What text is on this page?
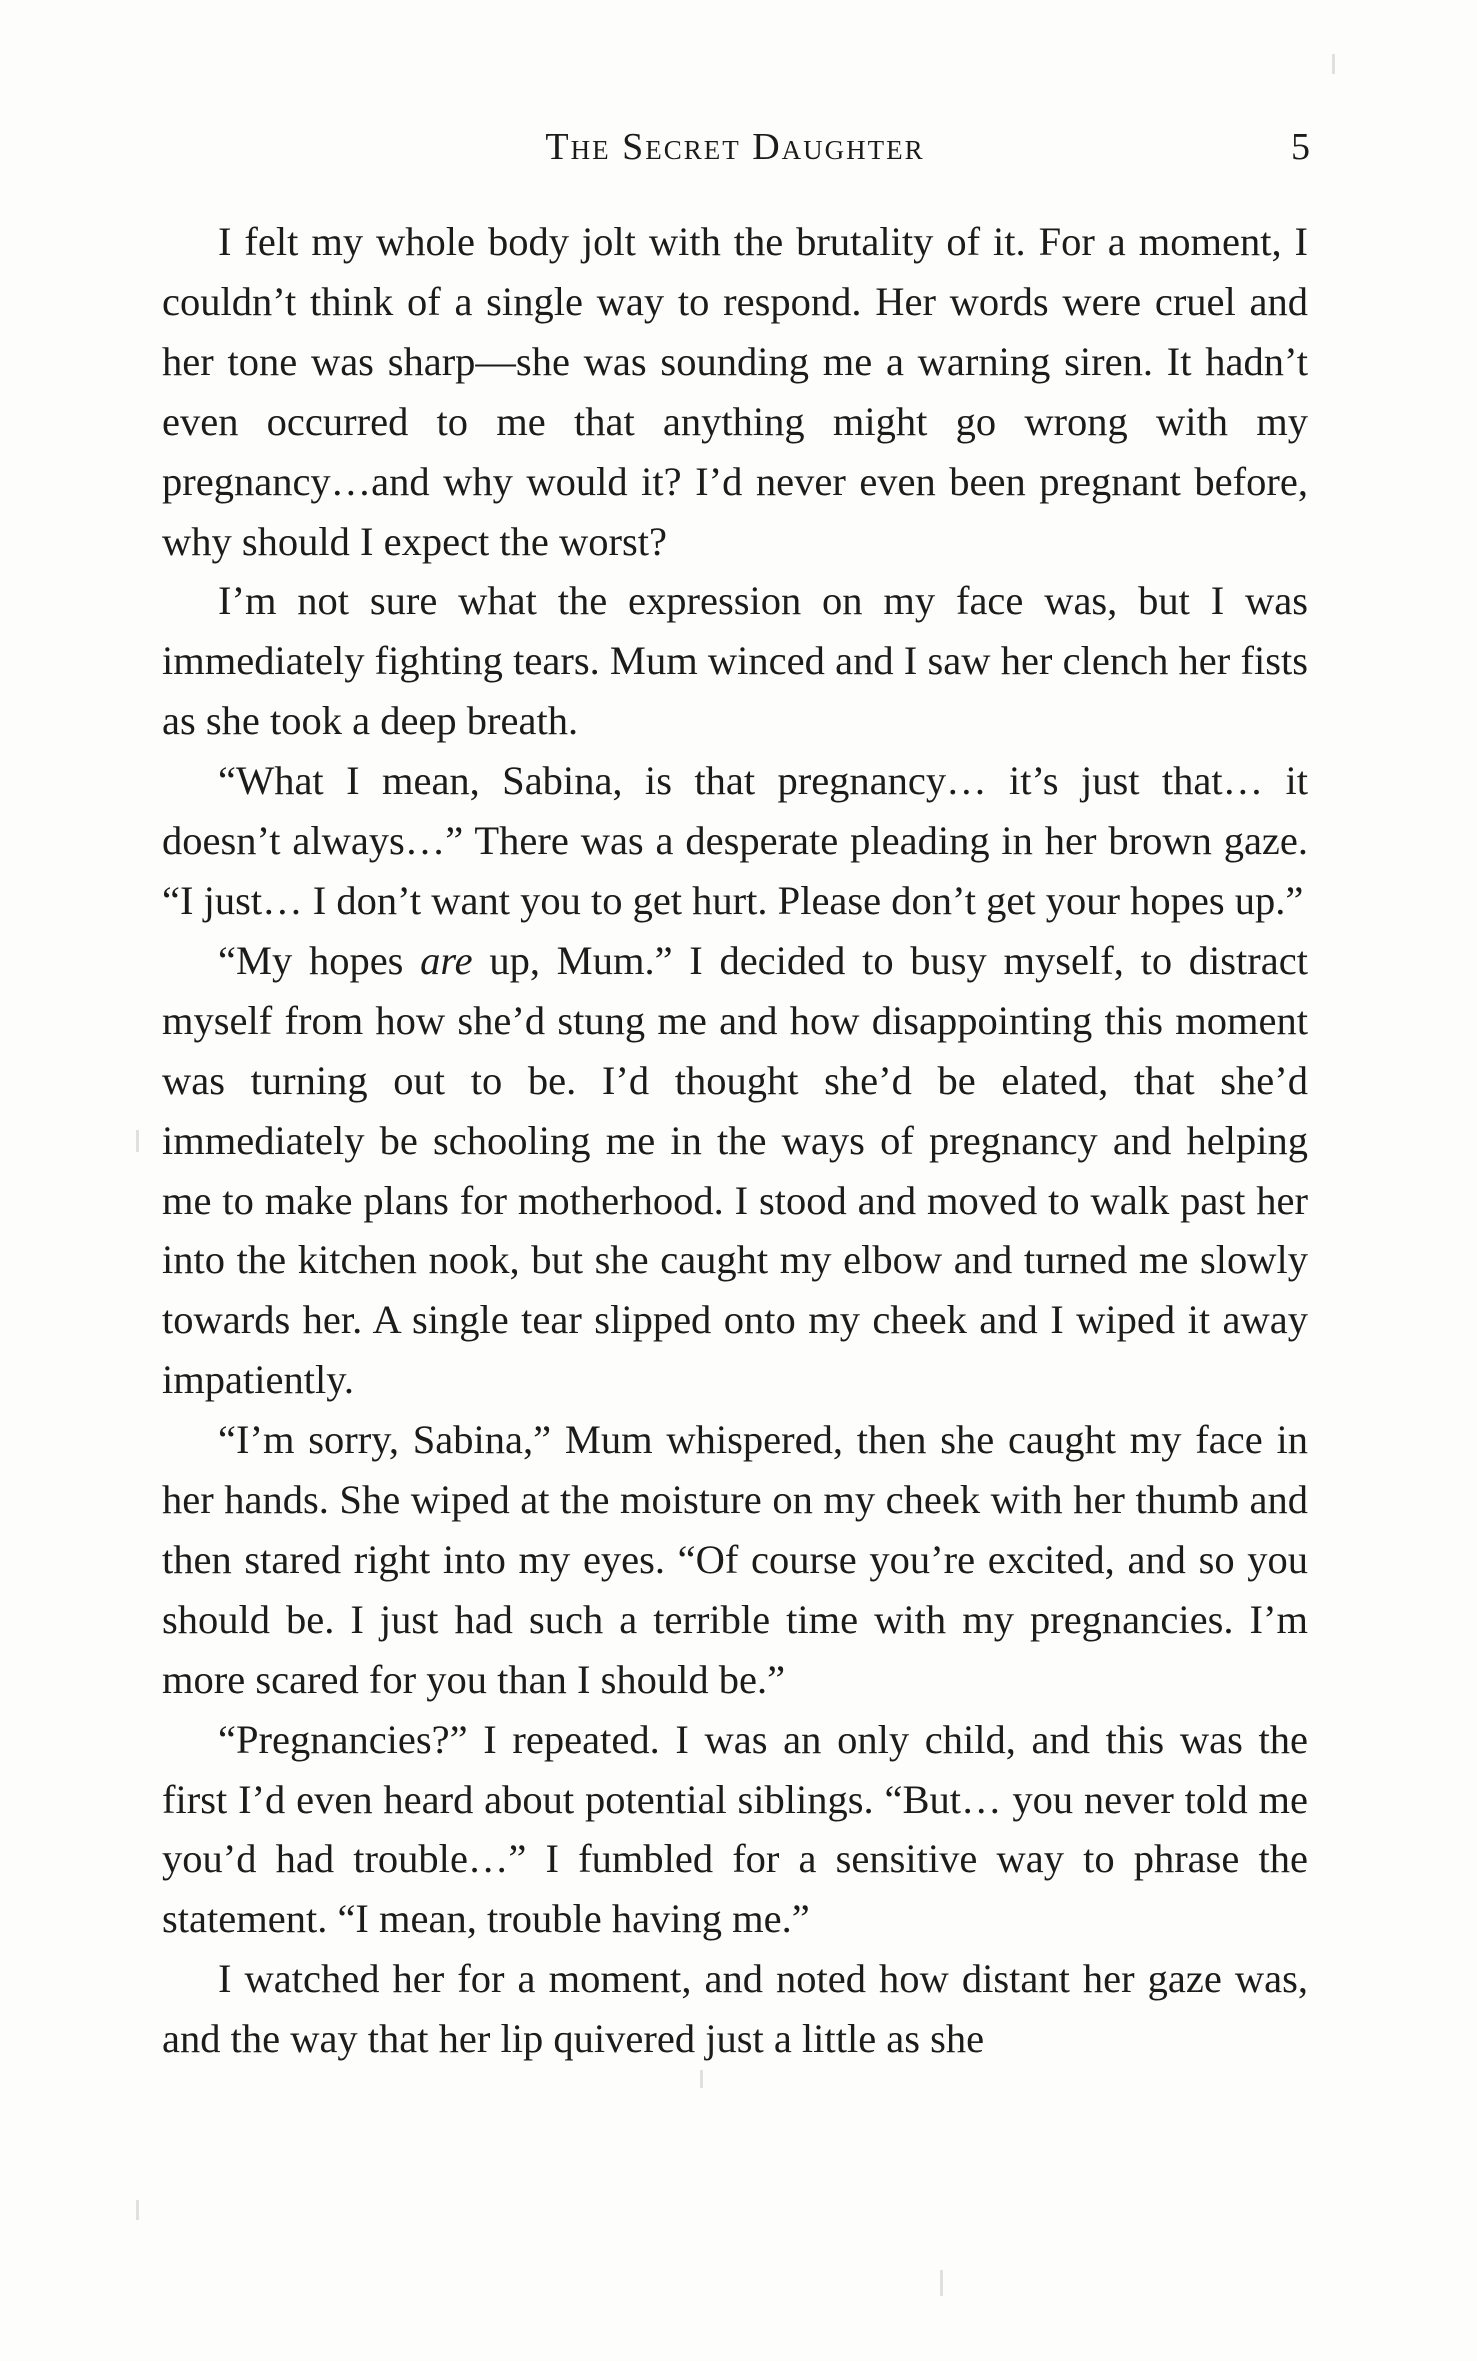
The Secret Daughter	5

I felt my whole body jolt with the brutality of it. For a moment, I couldn’t think of a single way to respond. Her words were cruel and her tone was sharp—she was sounding me a warning siren. It hadn’t even occurred to me that anything might go wrong with my pregnancy…and why would it? I’d never even been pregnant before, why should I expect the worst?

I’m not sure what the expression on my face was, but I was immediately fighting tears. Mum winced and I saw her clench her fists as she took a deep breath.

“What I mean, Sabina, is that pregnancy… it’s just that… it doesn’t always…” There was a desperate pleading in her brown gaze. “I just… I don’t want you to get hurt. Please don’t get your hopes up.”

“My hopes are up, Mum.” I decided to busy myself, to distract myself from how she’d stung me and how disappointing this moment was turning out to be. I’d thought she’d be elated, that she’d immediately be schooling me in the ways of pregnancy and helping me to make plans for motherhood. I stood and moved to walk past her into the kitchen nook, but she caught my elbow and turned me slowly towards her. A single tear slipped onto my cheek and I wiped it away impatiently.

“I’m sorry, Sabina,” Mum whispered, then she caught my face in her hands. She wiped at the moisture on my cheek with her thumb and then stared right into my eyes. “Of course you’re excited, and so you should be. I just had such a terrible time with my pregnancies. I’m more scared for you than I should be.”

“Pregnancies?” I repeated. I was an only child, and this was the first I’d even heard about potential siblings. “But… you never told me you’d had trouble…” I fumbled for a sensitive way to phrase the statement. “I mean, trouble having me.”

I watched her for a moment, and noted how distant her gaze was, and the way that her lip quivered just a little as she
